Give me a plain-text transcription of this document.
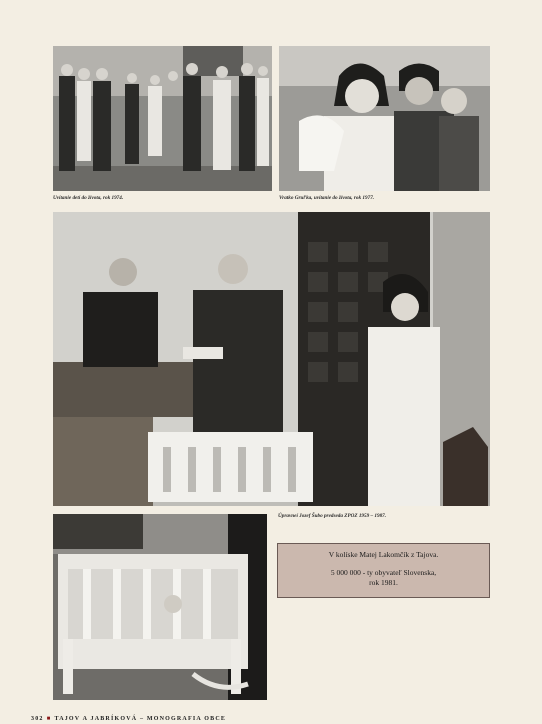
Uvítanie detí do života, rok 1974.	Vratko Gruľka, uvítanie do života, rok 1977.
Úpravneí Jozef Šubo predseda ZPOZ 1959 – 1987.
V kolíske Matej Lakomčík z Tajova.
5 000 000 - ty obyvateľ Slovenska,
rok 1981.
302 ■ TAJOV A JABRÍKOVÁ – MONOGRAFIA OBCE
